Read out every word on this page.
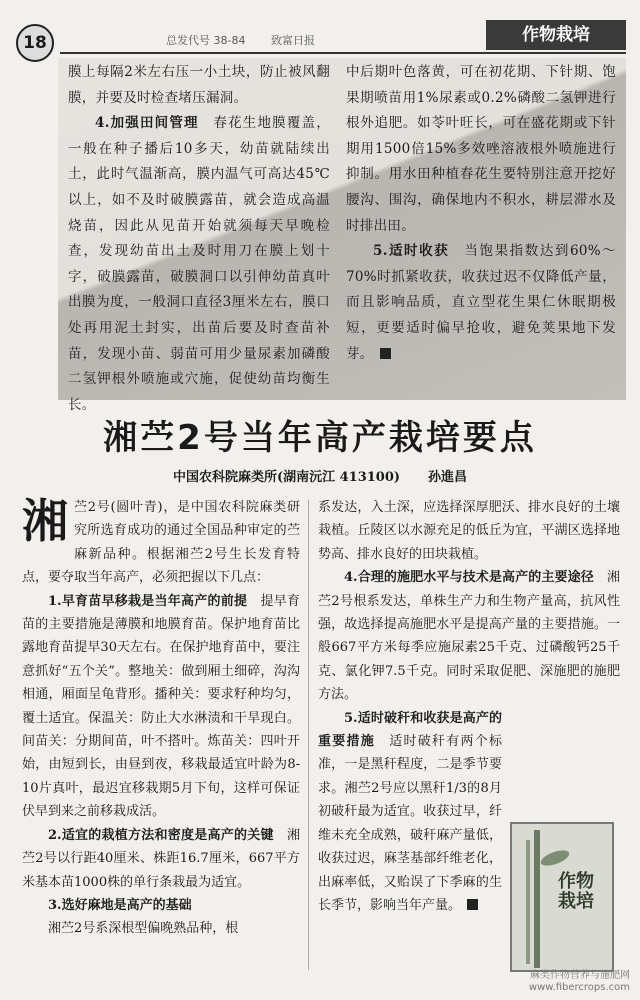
18	总发代号 38-84 致富日报	作物栽培

膜上每隔2米左右压一小土块，防止被风翻膜，并要及时检查堵压漏洞。

4.加强田间管理　 春花生地膜覆盖，一般在种子播后10多天，幼苗就陆续出土，此时气温渐高，膜内温气可高达45℃以上，如不及时破膜露苗，就会造成高温烧苗，因此从见苗开始就须每天早晚检查，发现幼苗出土及时用刀在膜上划十字，破膜露苗，破膜洞口以引伸幼苗真叶出膜为度，一般洞口直径3厘米左右，膜口处再用泥土封实，出苗后要及时查苗补苗，发现小苗、弱苗可用少量尿素加磷酸二氢钾根外喷施或穴施，促使幼苗均衡生长。

中后期叶色落黄，可在初花期、下针期、饱果期喷苗用1%尿素或0.2%磷酸二氢钾进行根外追肥。如苓叶旺长，可在盛花期或下针期用1500倍15%多效唑溶液根外喷施进行抑制。用水田种植春花生要特别注意开挖好腰沟、围沟，确保地内不积水，耕层滞水及时排出田。

5.适时收获　 当饱果指数达到60%～70%时抓紧收获，收获过迟不仅降低产量，而且影响品质，直立型花生果仁休眠期极短，更要适时偏早抢收，避免荚果地下发芽。

湘苎2号当年高产栽培要点
中国农科院麻类所(湖南沅江 413100) 孙進昌

湘苎2号(圆叶青)，是中国农科院麻类研究所选育成功的通过全国品种审定的苎麻新品种。根据湘苎2号生长发育特点，要夺取当年高产，必须把握以下几点：

1.早育苗早移栽是当年高产的前提　 提早育苗的主要措施是薄膜和地膜育苗。保护地育苗比露地育苗提早30天左右。在保护地育苗中，要注意抓好“五个关”。整地关：做到厢土细碎，沟沟相通，厢面呈龟背形。播种关：要求籽种均匀，覆土适宜。保温关：防止大水淋渍和干旱现白。间苗关：分期间苗，叶不搭叶。炼苗关：四叶开始，由短到长，由昼到夜，移栽最适宜叶龄为8-10片真叶，最迟宜移栽期5月下旬，这样可保证伏早到来之前移栽成活。

2.适宜的栽植方法和密度是高产的关键　 湘苎2号以行距40厘米、株距16.7厘米，667平方米基本苗1000株的单行条栽最为适宜。

3.选好麻地是高产的基础

湘苎2号系深根型偏晚熟品种，根

系发达，入土深，应选择深厚肥沃、排水良好的土壤栽植。丘陵区以水源充足的低丘为宜，平湖区选择地势高、排水良好的田块栽植。

4.合理的施肥水平与技术是高产的主要途径　 湘苎2号根系发达，单株生产力和生物产量高，抗风性强，故选择提高施肥水平是提高产量的主要措施。一般667平方米每季应施尿素25千克、过磷酸钙25千克、氯化钾7.5千克。同时采取促肥、深施肥的施肥方法。

5.适时破秆和收获是高产的重要措施　 适时破秆有两个标准，一是黑秆程度，二是季节要求。湘苎2号应以黑秆1/3的8月初破秆最为适宜。收获过早，纤维未充全成熟，破秆麻产量低，收获过迟，麻茎基部纤维老化，出麻率低，又贻误了下季麻的生长季节，影响当年产量。

作物栽培
麻类作物营养与施肥网
www.fibercrops.com
